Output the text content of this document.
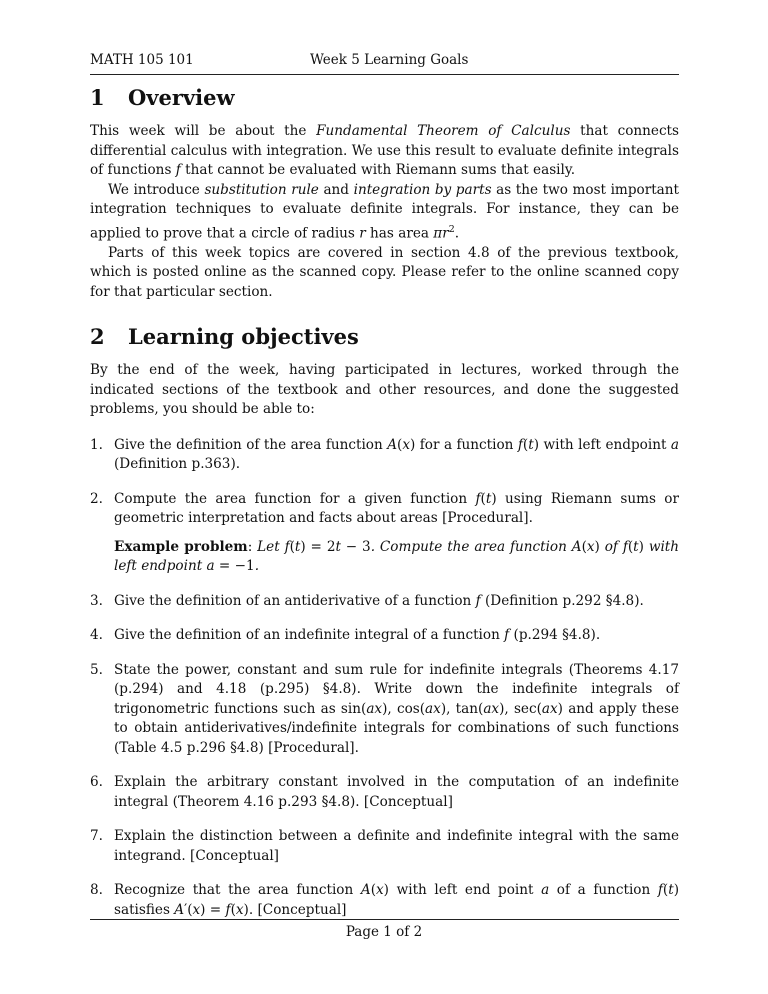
MATH 105 101	Week 5 Learning Goals
1	Overview

This week will be about the Fundamental Theorem of Calculus that connects differential calculus with integration. We use this result to evaluate definite integrals of functions f that cannot be evaluated with Riemann sums that easily.

We introduce substitution rule and integration by parts as the two most important integration techniques to evaluate definite integrals. For instance, they can be applied to prove that a circle of radius r has area $\pi r^2$.

Parts of this week topics are covered in section 4.8 of the previous textbook, which is posted online as the scanned copy. Please refer to the online scanned copy for that particular section.

2	Learning objectives

By the end of the week, having participated in lectures, worked through the indicated sections of the textbook and other resources, and done the suggested problems, you should be able to:

1. Give the definition of the area function A(x) for a function f(t) with left endpoint a (Definition p.363).
2. Compute the area function for a given function f(t) using Riemann sums or geometric interpretation and facts about areas [Procedural].
Example problem: Let f(t) = 2t − 3. Compute the area function A(x) of f(t) with left endpoint a = −1.
3. Give the definition of an antiderivative of a function f (Definition p.292 §4.8).
4. Give the definition of an indefinite integral of a function f (p.294 §4.8).
5. State the power, constant and sum rule for indefinite integrals (Theorems 4.17 (p.294) and 4.18 (p.295) §4.8). Write down the indefinite integrals of trigonometric functions such as sin(ax), cos(ax), tan(ax), sec(ax) and apply these to obtain antiderivatives/indefinite integrals for combinations of such functions (Table 4.5 p.296 §4.8) [Procedural].
6. Explain the arbitrary constant involved in the computation of an indefinite integral (Theorem 4.16 p.293 §4.8). [Conceptual]
7. Explain the distinction between a definite and indefinite integral with the same integrand. [Conceptual]
8. Recognize that the area function A(x) with left end point a of a function f(t) satisfies A′(x) = f(x). [Conceptual]
Page 1 of 2
